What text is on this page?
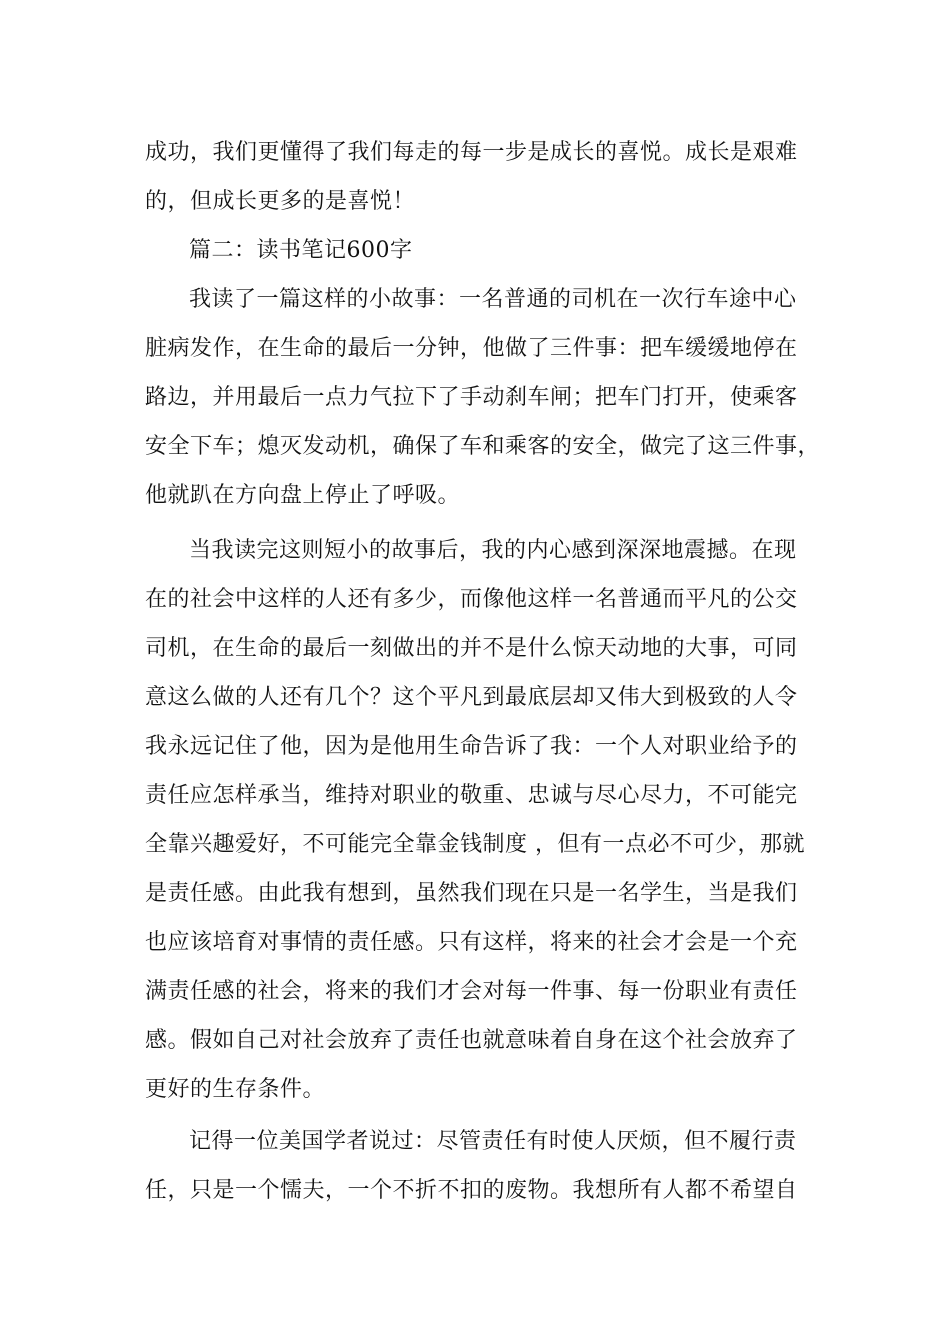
成功，我们更懂得了我们每走的每一步是成长的喜悦。成长是艰难
的，但成长更多的是喜悦！
篇二：读书笔记600字
我读了一篇这样的小故事：一名普通的司机在一次行车途中心
脏病发作，在生命的最后一分钟，他做了三件事：把车缓缓地停在
路边，并用最后一点力气拉下了手动刹车闸；把车门打开，使乘客
安全下车；熄灭发动机，确保了车和乘客的安全，做完了这三件事，
他就趴在方向盘上停止了呼吸。
当我读完这则短小的故事后，我的内心感到深深地震撼。在现
在的社会中这样的人还有多少，而像他这样一名普通而平凡的公交
司机，在生命的最后一刻做出的并不是什么惊天动地的大事，可同
意这么做的人还有几个？这个平凡到最底层却又伟大到极致的人令
我永远记住了他，因为是他用生命告诉了我：一个人对职业给予的
责任应怎样承当，维持对职业的敬重、忠诚与尽心尽力，不可能完
全靠兴趣爱好，不可能完全靠金钱制度 ，但有一点必不可少，那就
是责任感。由此我有想到，虽然我们现在只是一名学生，当是我们
也应该培育对事情的责任感。只有这样，将来的社会才会是一个充
满责任感的社会，将来的我们才会对每一件事、每一份职业有责任
感。假如自己对社会放弃了责任也就意味着自身在这个社会放弃了
更好的生存条件。
记得一位美国学者说过：尽管责任有时使人厌烦，但不履行责
任，只是一个懦夫，一个不折不扣的废物。我想所有人都不希望自
